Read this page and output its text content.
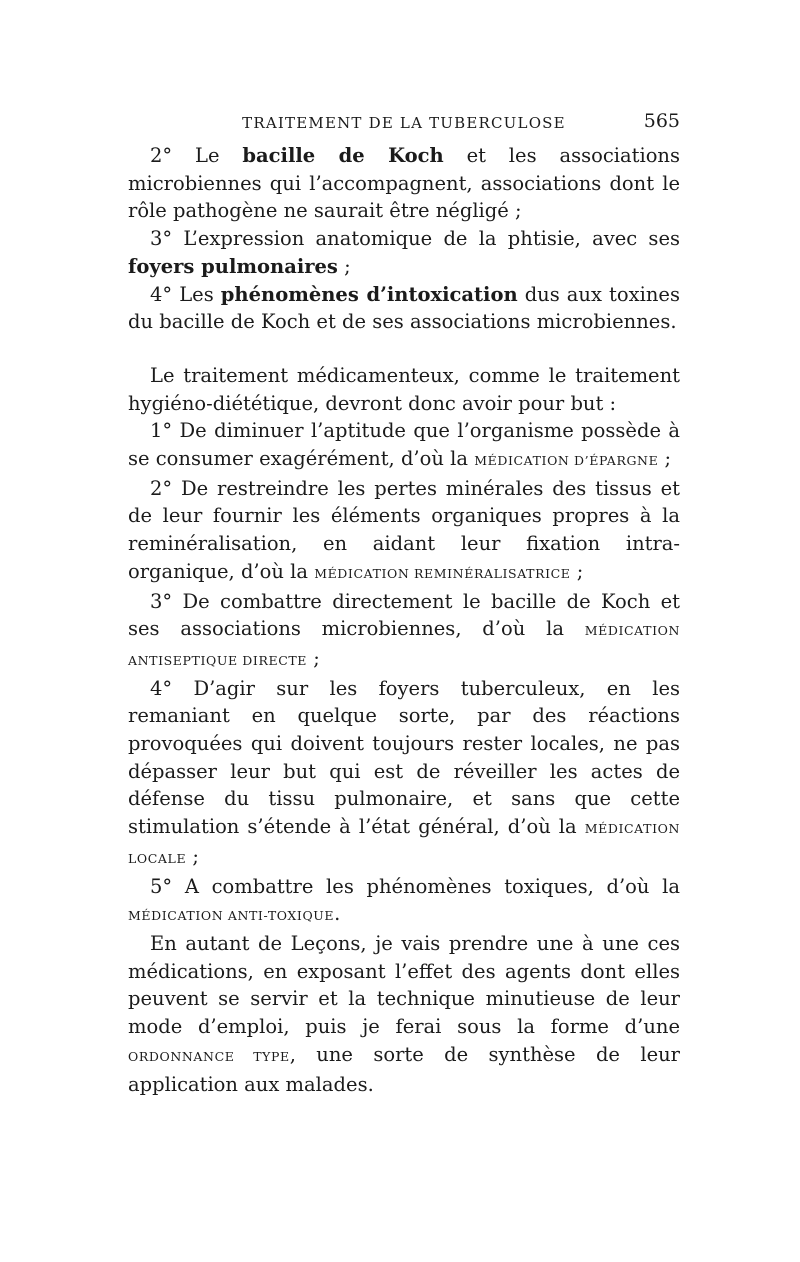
TRAITEMENT DE LA TUBERCULOSE	565

2° Le bacille de Koch et les associations microbiennes qui l’accompagnent, associations dont le rôle pathogène ne saurait être négligé ;

3° L’expression anatomique de la phtisie, avec ses foyers pulmonaires ;

4° Les phénomènes d’intoxication dus aux toxines du bacille de Koch et de ses associations microbiennes.

Le traitement médicamenteux, comme le traitement hygiéno-diététique, devront donc avoir pour but :

1° De diminuer l’aptitude que l’organisme possède à se consumer exagérément, d’où la MÉDICATION D’ÉPARGNE ;

2° De restreindre les pertes minérales des tissus et de leur fournir les éléments organiques propres à la reminéralisation, en aidant leur fixation intra-organique, d’où la MÉDICATION REMINÉRALISATRICE ;

3° De combattre directement le bacille de Koch et ses associations microbiennes, d’où la MÉDICATION ANTISEPTIQUE DIRECTE ;

4° D’agir sur les foyers tuberculeux, en les remaniant en quelque sorte, par des réactions provoquées qui doivent toujours rester locales, ne pas dépasser leur but qui est de réveiller les actes de défense du tissu pulmonaire, et sans que cette stimulation s’étende à l’état général, d’où la MÉDICATION LOCALE ;

5° A combattre les phénomènes toxiques, d’où la MÉDICATION ANTI-TOXIQUE.

En autant de Leçons, je vais prendre une à une ces médications, en exposant l’effet des agents dont elles peuvent se servir et la technique minutieuse de leur mode d’emploi, puis je ferai sous la forme d’une ORDONNANCE TYPE, une sorte de synthèse de leur application aux malades.
